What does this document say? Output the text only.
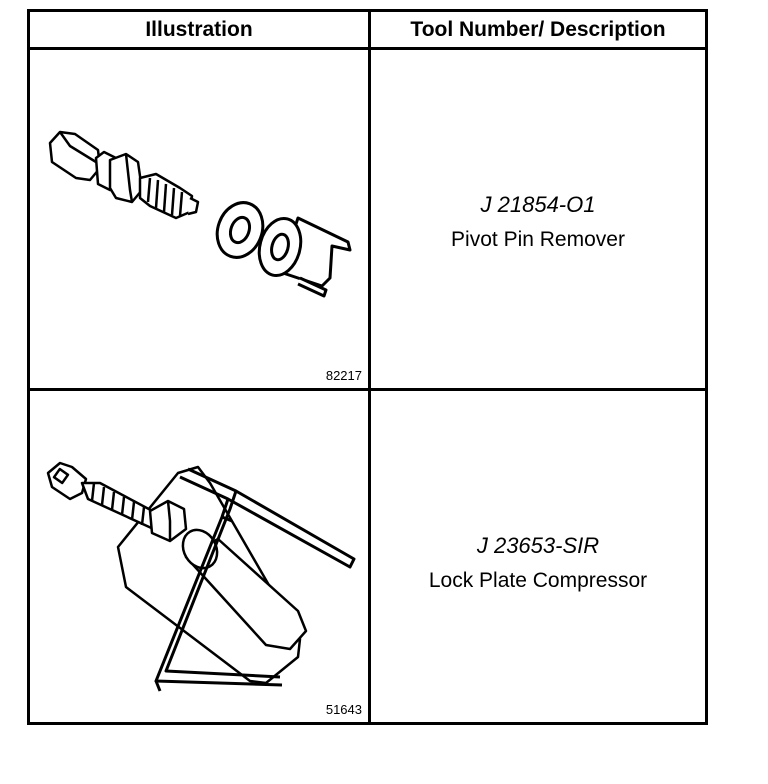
Illustration	Tool Number/ Description
82217
J 21854-O1
Pivot Pin Remover
51643
J 23653-SIR
Lock Plate Compressor
